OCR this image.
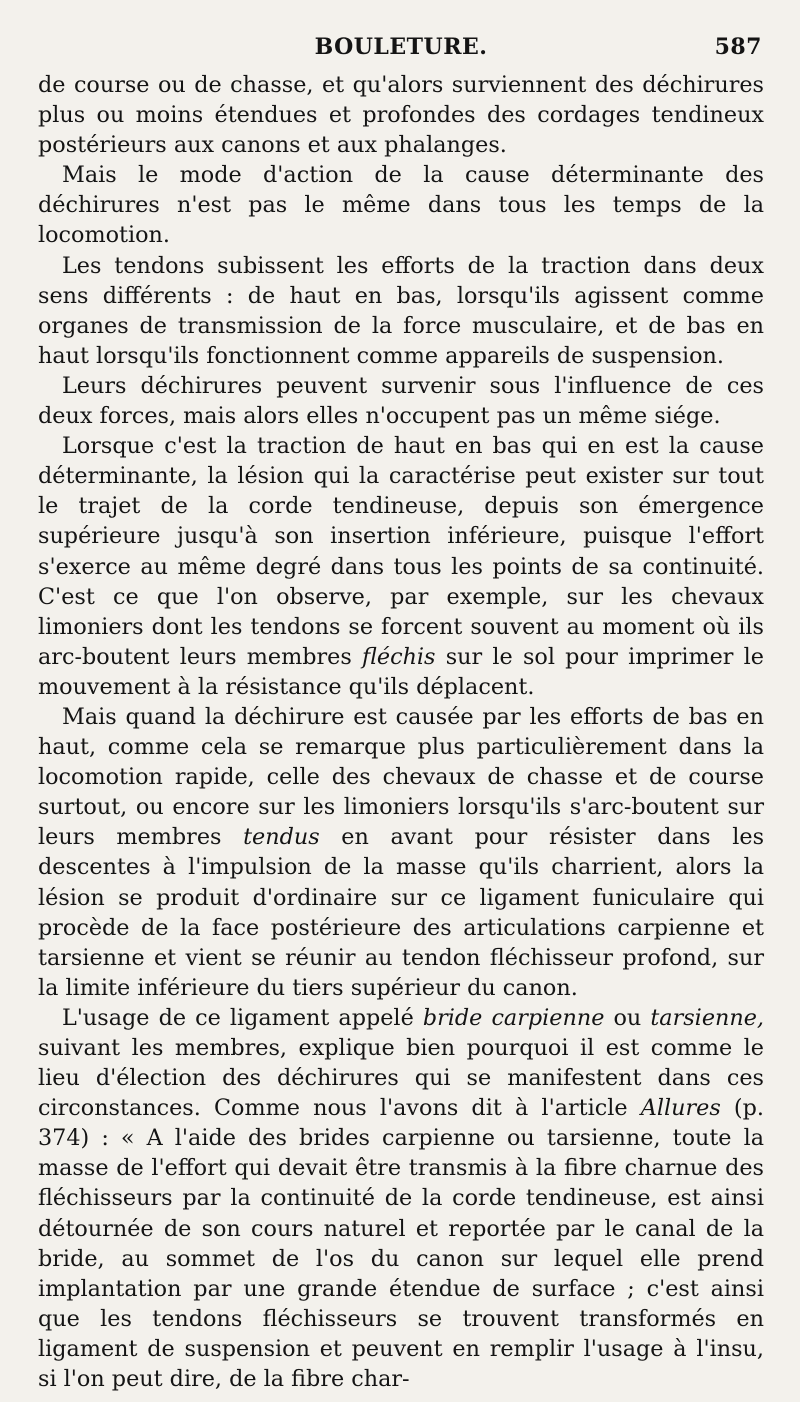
BOULETURE.	587

de course ou de chasse, et qu'alors surviennent des déchirures plus ou moins étendues et profondes des cordages tendineux postérieurs aux canons et aux phalanges.

Mais le mode d'action de la cause déterminante des déchirures n'est pas le même dans tous les temps de la locomotion.

Les tendons subissent les efforts de la traction dans deux sens différents : de haut en bas, lorsqu'ils agissent comme organes de transmission de la force musculaire, et de bas en haut lorsqu'ils fonctionnent comme appareils de suspension.

Leurs déchirures peuvent survenir sous l'influence de ces deux forces, mais alors elles n'occupent pas un même siége.

Lorsque c'est la traction de haut en bas qui en est la cause déterminante, la lésion qui la caractérise peut exister sur tout le trajet de la corde tendineuse, depuis son émergence supérieure jusqu'à son insertion inférieure, puisque l'effort s'exerce au même degré dans tous les points de sa continuité. C'est ce que l'on observe, par exemple, sur les chevaux limoniers dont les tendons se forcent souvent au moment où ils arc-boutent leurs membres fléchis sur le sol pour imprimer le mouvement à la résistance qu'ils déplacent.

Mais quand la déchirure est causée par les efforts de bas en haut, comme cela se remarque plus particulièrement dans la locomotion rapide, celle des chevaux de chasse et de course surtout, ou encore sur les limoniers lorsqu'ils s'arc-boutent sur leurs membres tendus en avant pour résister dans les descentes à l'impulsion de la masse qu'ils charrient, alors la lésion se produit d'ordinaire sur ce ligament funiculaire qui procède de la face postérieure des articulations carpienne et tarsienne et vient se réunir au tendon fléchisseur profond, sur la limite inférieure du tiers supérieur du canon.

L'usage de ce ligament appelé bride carpienne ou tarsienne, suivant les membres, explique bien pourquoi il est comme le lieu d'élection des déchirures qui se manifestent dans ces circonstances. Comme nous l'avons dit à l'article Allures (p. 374) : « A l'aide des brides carpienne ou tarsienne, toute la masse de l'effort qui devait être transmis à la fibre charnue des fléchisseurs par la continuité de la corde tendineuse, est ainsi détournée de son cours naturel et reportée par le canal de la bride, au sommet de l'os du canon sur lequel elle prend implantation par une grande étendue de surface ; c'est ainsi que les tendons fléchisseurs se trouvent transformés en ligament de suspension et peuvent en remplir l'usage à l'insu, si l'on peut dire, de la fibre char-
